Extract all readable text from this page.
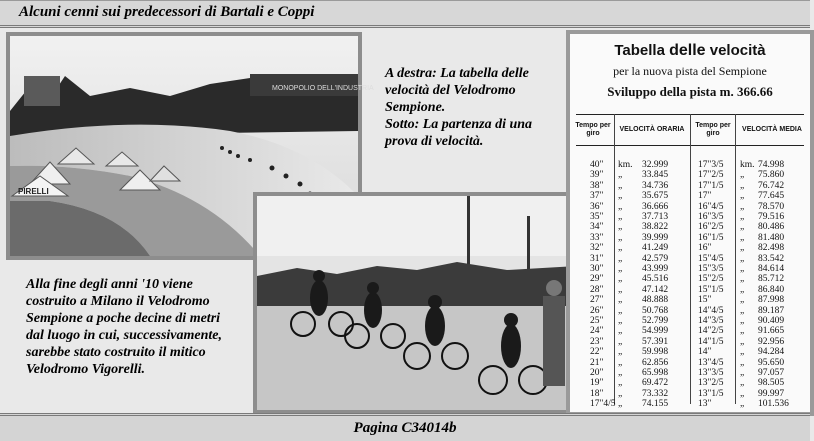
Alcuni cenni sui predecessori di Bartali e Coppi
MONOPOLIO DELL'INDUSTRIA
PIRELLI
A destra: La tabella delle
velocità del Velodromo
Sempione.
Sotto: La partenza di una
prova di velocità.
Alla fine degli anni '10 viene
costruito a Milano il Velodromo
Sempione a poche decine di metri
dal luogo in cui, successivamente,
sarebbe stato costruito il mitico
Velodromo Vigorelli.
Tabella delle velocità
per la nuova pista del Sempione
Sviluppo della pista m. 366.66
Tempo per giro
VELOCITÀ ORARIA
Tempo per giro
VELOCITÀ MEDIA
40" km. 32.999	17"3/5 km. 74.998
39" „ 33.845	17"2/5 „ 75.860
38" „ 34.736	17"1/5 „ 76.742
37" „ 35.675	17"	„ 77.645
36" „ 36.666	16"4/5 „ 78.570
35" „ 37.713	16"3/5 „ 79.516
34" „ 38.822	16"2/5 „ 80.486
33" „ 39.999	16"1/5 „ 81.480
32" „ 41.249	16"	„ 82.498
31" „ 42.579	15"4/5 „ 83.542
30" „ 43.999	15"3/5 „ 84.614
29" „ 45.516	15"2/5 „ 85.712
28" „ 47.142	15"1/5 „ 86.840
27" „ 48.888	15"	„ 87.998
26" „ 50.768	14"4/5 „ 89.187
25" „ 52.799	14"3/5 „ 90.409
24" „ 54.999	14"2/5 „ 91.665
23" „ 57.391	14"1/5 „ 92.956
22" „ 59.998	14"	„ 94.284
21" „ 62.856	13"4/5 „ 95.650
20" „ 65.998	13"3/5 „ 97.057
19" „ 69.472	13"2/5 „ 98.505
18" „ 73.332	13"1/5 „ 99.997
17"4/5 „ 74.155	13"	„ 101.536
Pagina C34014b
